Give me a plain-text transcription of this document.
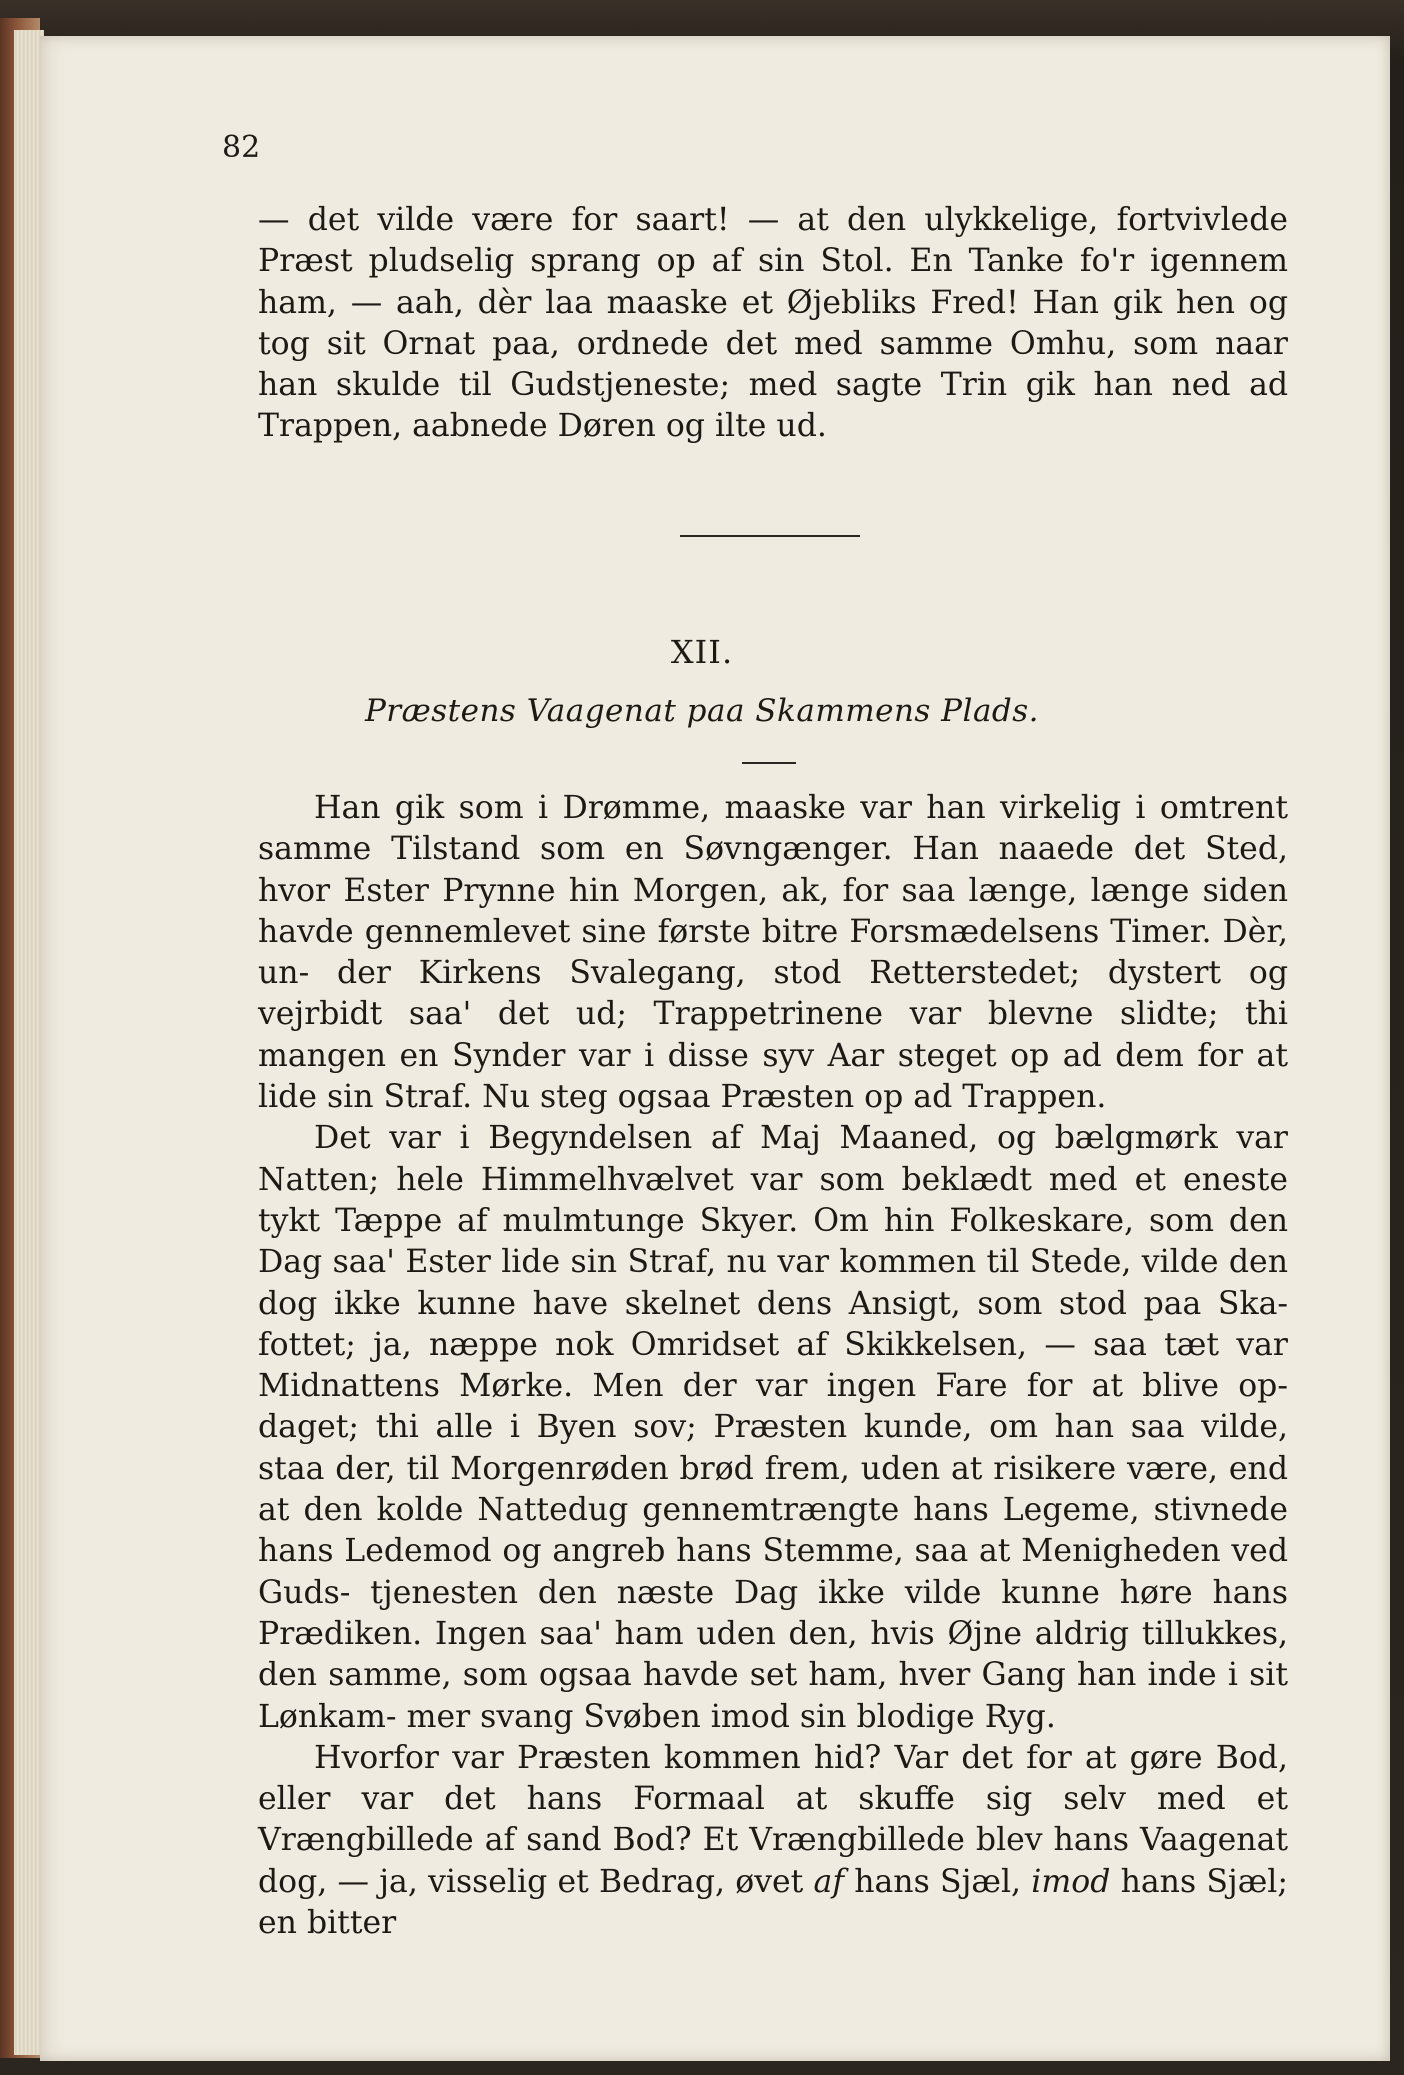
82

— det vilde være for saart! — at den ulykkelige, fortvivlede Præst pludselig sprang op af sin Stol. En Tanke fo'r igennem ham, — aah, dèr laa maaske et Øjebliks Fred! Han gik hen og tog sit Ornat paa, ordnede det med samme Omhu, som naar han skulde til Gudstjeneste; med sagte Trin gik han ned ad Trappen, aabnede Døren og ilte ud.

XII.
Præstens Vaagenat paa Skammens Plads.

Han gik som i Drømme, maaske var han virkelig i omtrent samme Tilstand som en Søvngænger. Han naaede det Sted, hvor Ester Prynne hin Morgen, ak, for saa længe, længe siden havde gennemlevet sine første bitre Forsmædelsens Timer. Dèr, un- der Kirkens Svalegang, stod Retterstedet; dystert og vejrbidt saa' det ud; Trappetrinene var blevne slidte; thi mangen en Synder var i disse syv Aar steget op ad dem for at lide sin Straf. Nu steg ogsaa Præsten op ad Trappen.

Det var i Begyndelsen af Maj Maaned, og bælgmørk var Natten; hele Himmelhvælvet var som beklædt med et eneste tykt Tæppe af mulmtunge Skyer. Om hin Folkeskare, som den Dag saa' Ester lide sin Straf, nu var kommen til Stede, vilde den dog ikke kunne have skelnet dens Ansigt, som stod paa Ska- fottet; ja, næppe nok Omridset af Skikkelsen, — saa tæt var Midnattens Mørke. Men der var ingen Fare for at blive op- daget; thi alle i Byen sov; Præsten kunde, om han saa vilde, staa der, til Morgenrøden brød frem, uden at risikere være, end at den kolde Nattedug gennemtrængte hans Legeme, stivnede hans Ledemod og angreb hans Stemme, saa at Menigheden ved Guds- tjenesten den næste Dag ikke vilde kunne høre hans Prædiken. Ingen saa' ham uden den, hvis Øjne aldrig tillukkes, den samme, som ogsaa havde set ham, hver Gang han inde i sit Lønkam- mer svang Svøben imod sin blodige Ryg.

Hvorfor var Præsten kommen hid? Var det for at gøre Bod, eller var det hans Formaal at skuffe sig selv med et Vrængbillede af sand Bod? Et Vrængbillede blev hans Vaagenat dog, — ja, visselig et Bedrag, øvet af hans Sjæl, imod hans Sjæl; en bitter
